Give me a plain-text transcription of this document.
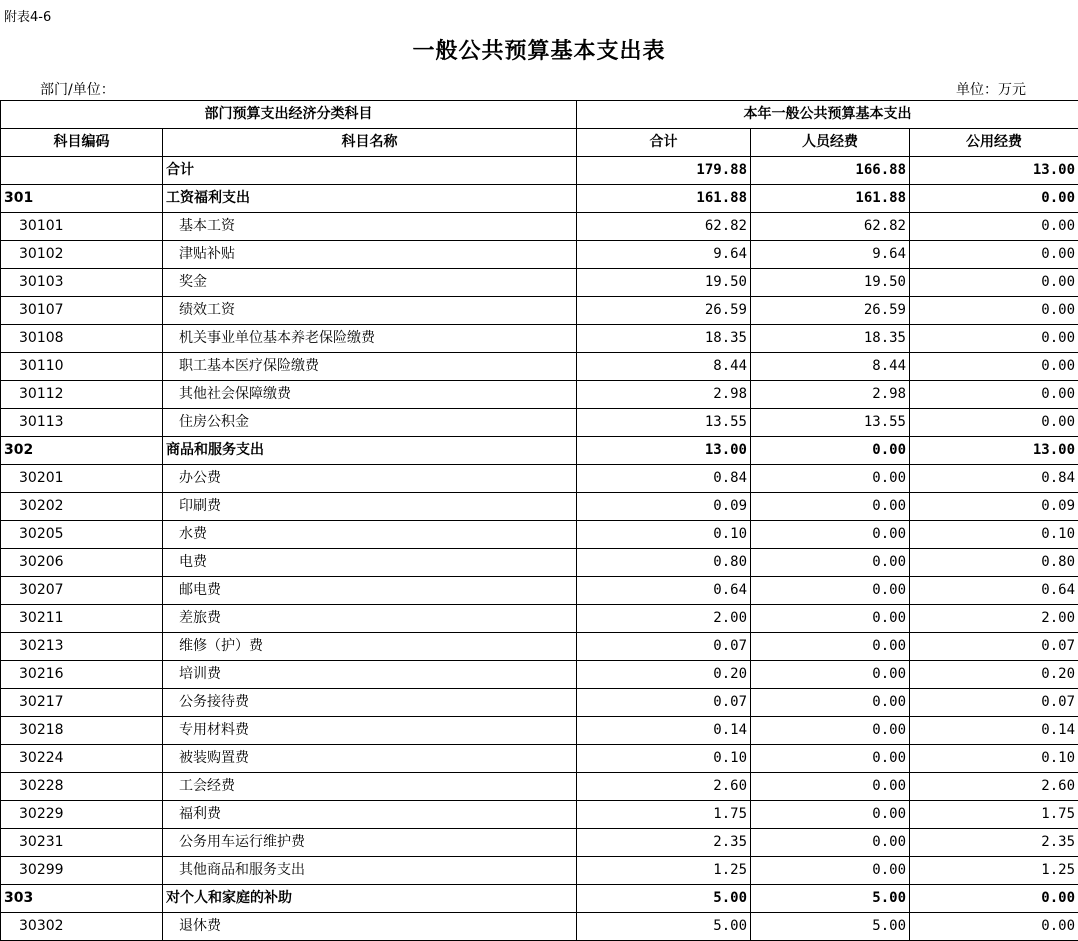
附表4-6
一般公共预算基本支出表
部门/单位：	单位：万元
部门预算支出经济分类科目		本年一般公共预算基本支出		
科目编码	科目名称	合计	人员经费	公用经费
	合计	179.88	166.88	13.00
301	工资福利支出	161.88	161.88	0.00
30101	基本工资	62.82	62.82	0.00
30102	津贴补贴	9.64	9.64	0.00
30103	奖金	19.50	19.50	0.00
30107	绩效工资	26.59	26.59	0.00
30108	机关事业单位基本养老保险缴费	18.35	18.35	0.00
30110	职工基本医疗保险缴费	8.44	8.44	0.00
30112	其他社会保障缴费	2.98	2.98	0.00
30113	住房公积金	13.55	13.55	0.00
302	商品和服务支出	13.00	0.00	13.00
30201	办公费	0.84	0.00	0.84
30202	印刷费	0.09	0.00	0.09
30205	水费	0.10	0.00	0.10
30206	电费	0.80	0.00	0.80
30207	邮电费	0.64	0.00	0.64
30211	差旅费	2.00	0.00	2.00
30213	维修（护）费	0.07	0.00	0.07
30216	培训费	0.20	0.00	0.20
30217	公务接待费	0.07	0.00	0.07
30218	专用材料费	0.14	0.00	0.14
30224	被装购置费	0.10	0.00	0.10
30228	工会经费	2.60	0.00	2.60
30229	福利费	1.75	0.00	1.75
30231	公务用车运行维护费	2.35	0.00	2.35
30299	其他商品和服务支出	1.25	0.00	1.25
303	对个人和家庭的补助	5.00	5.00	0.00
30302	退休费	5.00	5.00	0.00
